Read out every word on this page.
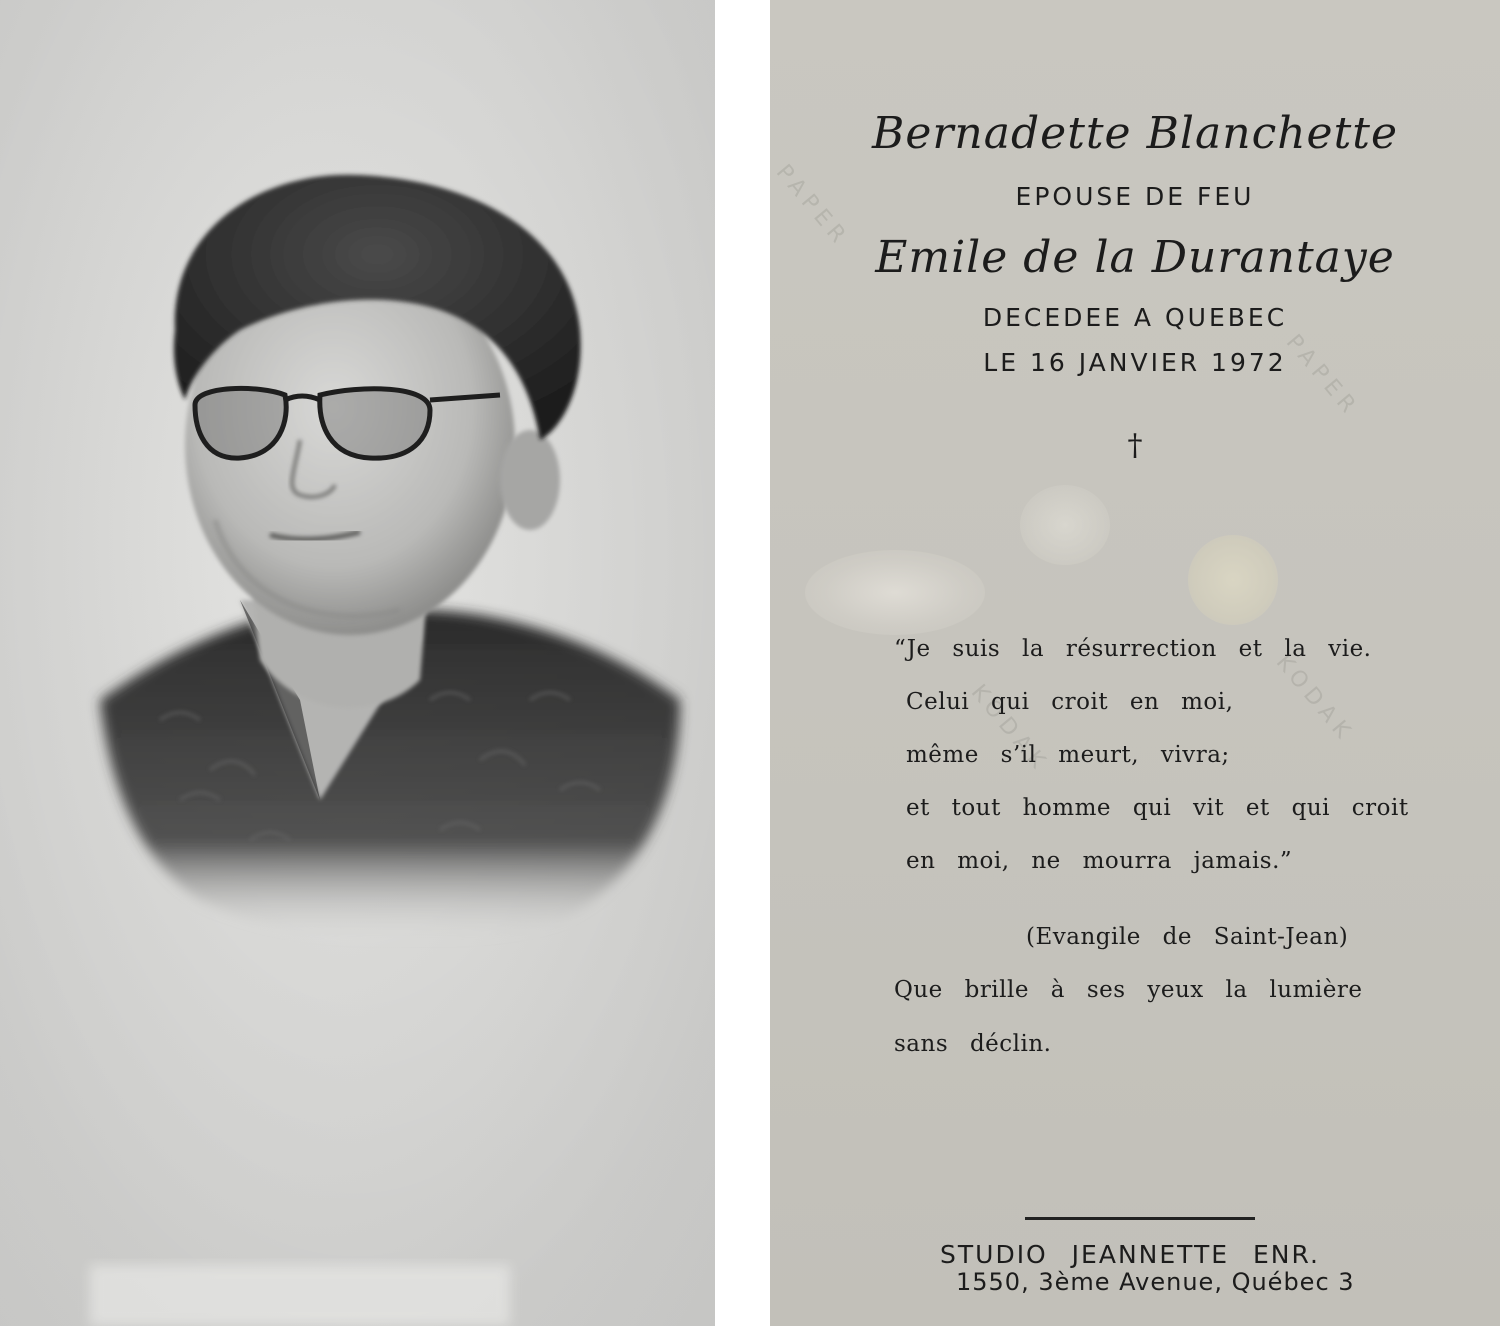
PAPER
PAPER
KODAK
KODAK
Bernadette Blanchette
EPOUSE DE FEU
Emile de la Durantaye
DECEDEE A QUEBEC
LE 16 JANVIER 1972
†
“Je suis la résurrection et la vie.
Celui qui croit en moi,
même s’il meurt, vivra;
et tout homme qui vit et qui croit
en moi, ne mourra jamais.”
(Evangile de Saint-Jean)
Que brille à ses yeux la lumière
sans déclin.
STUDIO JEANNETTE ENR.
1550, 3ème Avenue, Québec 3
